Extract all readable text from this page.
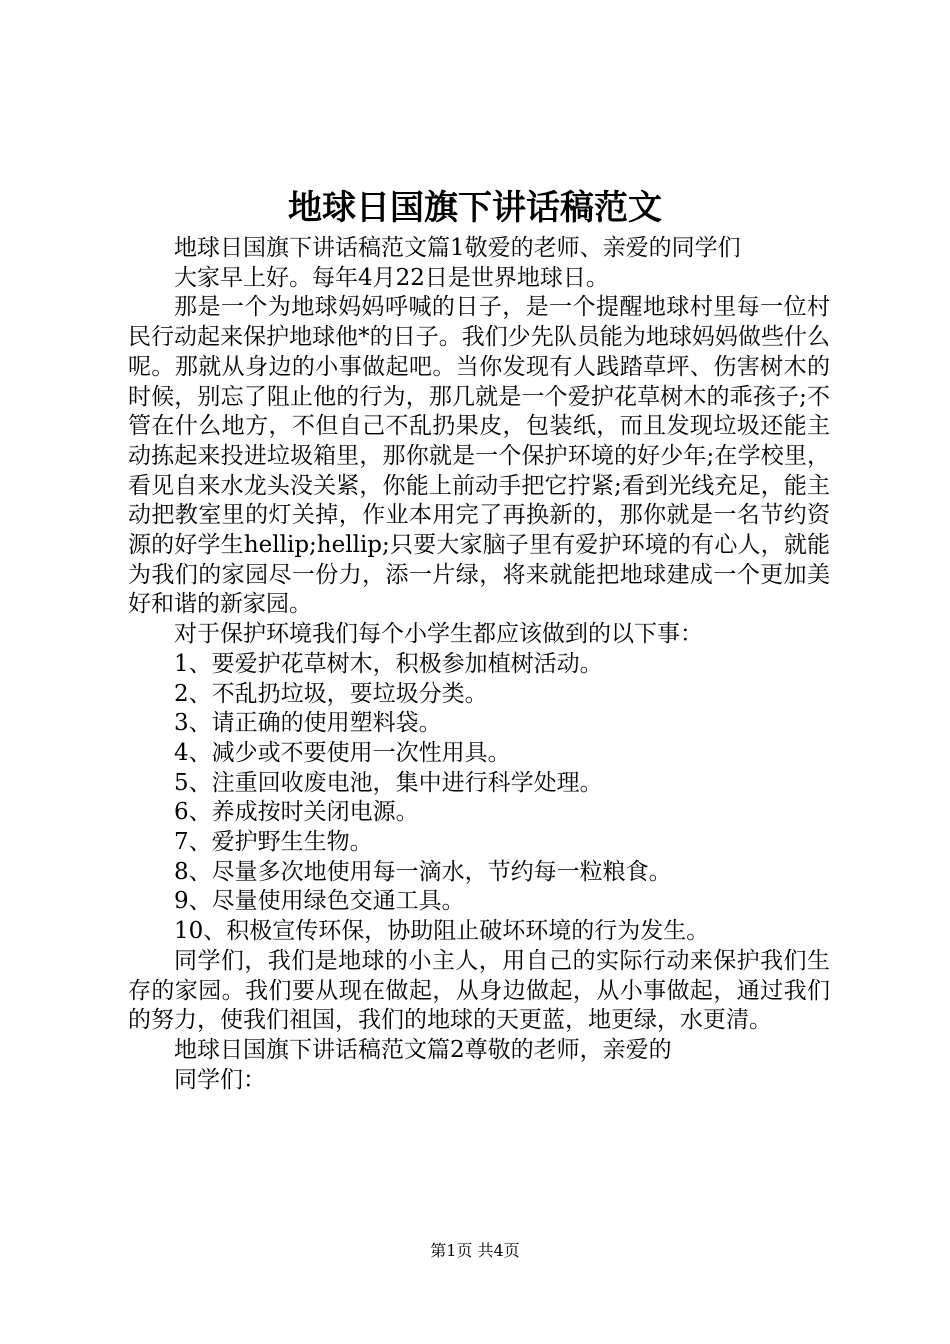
地球日国旗下讲话稿范文

地球日国旗下讲话稿范文篇1敬爱的老师、亲爱的同学们

大家早上好。每年4月22日是世界地球日。

那是一个为地球妈妈呼喊的日子，是一个提醒地球村里每一位村民行动起来保护地球他*的日子。我们少先队员能为地球妈妈做些什么呢。那就从身边的小事做起吧。当你发现有人践踏草坪、伤害树木的时候，别忘了阻止他的行为，那几就是一个爱护花草树木的乖孩子;不管在什么地方，不但自己不乱扔果皮，包装纸，而且发现垃圾还能主动拣起来投进垃圾箱里，那你就是一个保护环境的好少年;在学校里，看见自来水龙头没关紧，你能上前动手把它拧紧;看到光线充足，能主动把教室里的灯关掉，作业本用完了再换新的，那你就是一名节约资源的好学生hellip;hellip;只要大家脑子里有爱护环境的有心人，就能为我们的家园尽一份力，添一片绿，将来就能把地球建成一个更加美好和谐的新家园。

对于保护环境我们每个小学生都应该做到的以下事：

1、要爱护花草树木，积极参加植树活动。

2、不乱扔垃圾，要垃圾分类。

3、请正确的使用塑料袋。

4、减少或不要使用一次性用具。

5、注重回收废电池，集中进行科学处理。

6、养成按时关闭电源。

7、爱护野生生物。

8、尽量多次地使用每一滴水，节约每一粒粮食。

9、尽量使用绿色交通工具。

10、积极宣传环保，协助阻止破坏环境的行为发生。

同学们，我们是地球的小主人，用自己的实际行动来保护我们生存的家园。我们要从现在做起，从身边做起，从小事做起，通过我们的努力，使我们祖国，我们的地球的天更蓝，地更绿，水更清。

地球日国旗下讲话稿范文篇2尊敬的老师，亲爱的

同学们：

第1页 共4页
